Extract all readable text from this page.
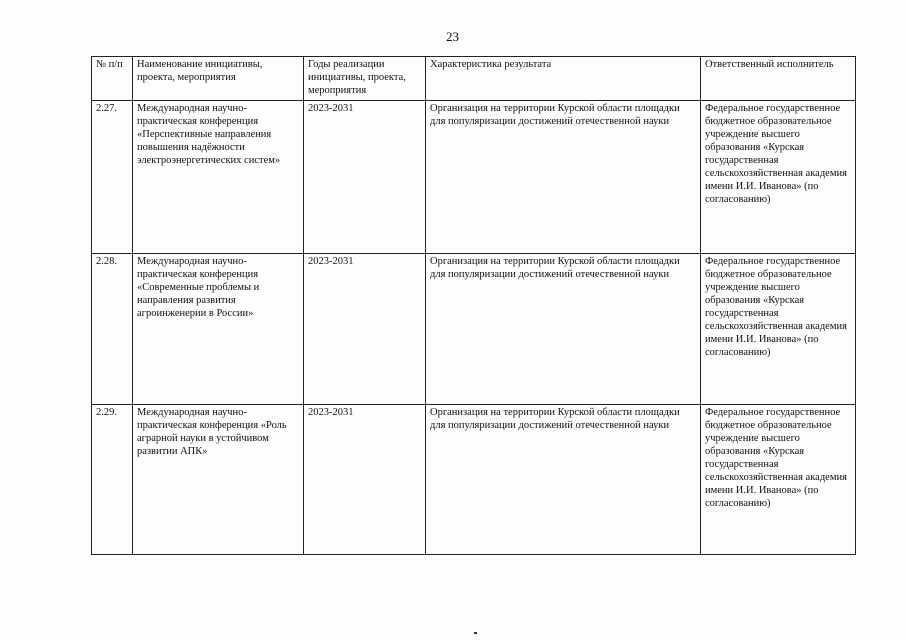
23
№ п/п	Наименование инициативы, проекта, мероприятия	Годы реализации инициативы, проекта, мероприятия	Характеристика результата	Ответственный исполнитель
2.27.	Международная научно-практическая конференция «Перспективные направления повышения надёжности электроэнергетических систем»	2023-2031	Организация на территории Курской области площадки для популяризации достижений отечественной науки	Федеральное государственное бюджетное образовательное учреждение высшего образования «Курская государственная сельскохозяйственная академия имени И.И. Иванова» (по согласованию)
2.28.	Международная научно-практическая конференция «Современные проблемы и направления развития агроинженерии в России»	2023-2031	Организация на территории Курской области площадки для популяризации достижений отечественной науки	Федеральное государственное бюджетное образовательное учреждение высшего образования «Курская государственная сельскохозяйственная академия имени И.И. Иванова» (по согласованию)
2.29.	Международная научно-практическая конференция «Роль аграрной науки в устойчивом развитии АПК»	2023-2031	Организация на территории Курской области площадки для популяризации достижений отечественной науки	Федеральное государственное бюджетное образовательное учреждение высшего образования «Курская государственная сельскохозяйственная академия имени И.И. Иванова» (по согласованию)
